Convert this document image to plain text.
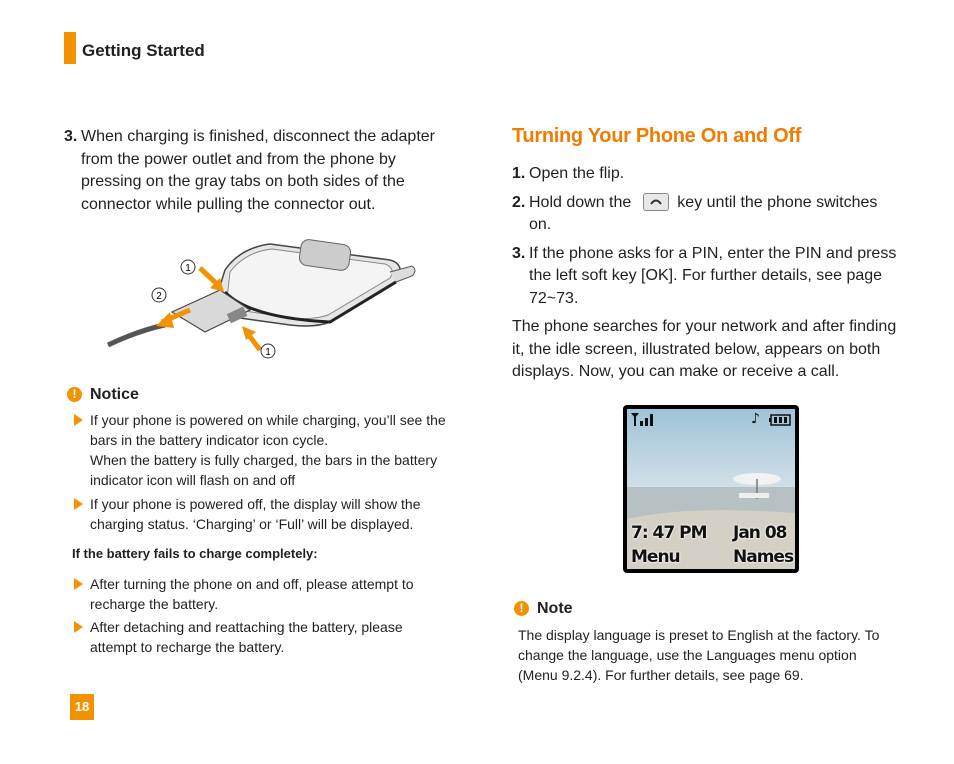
Getting Started
3. When charging is finished, disconnect the adapter
from the power outlet and from the phone by
pressing on the gray tabs on both sides of the
connector while pulling the connector out.
1
2
1
! Notice
If your phone is powered on while charging, you’ll see the
bars in the battery indicator icon cycle.
When the battery is fully charged, the bars in the battery
indicator icon will flash on and off
If your phone is powered off, the display will show the
charging status. ‘Charging’ or ‘Full’ will be displayed.
If the battery fails to charge completely:
After turning the phone on and off, please attempt to
recharge the battery.
After detaching and reattaching the battery, please
attempt to recharge the battery.
18
Turning Your Phone On and Off
1. Open the flip.
2. Hold down the	key until the phone switches
on.
3. If the phone asks for a PIN, enter the PIN and press
the left soft key [OK]. For further details, see page
72~73.
The phone searches for your network and after finding
it, the idle screen, illustrated below, appears on both
displays. Now, you can make or receive a call.
♪
7: 47 PM Jan 08
Menu	Names
! Note
The display language is preset to English at the factory. To
change the language, use the Languages menu option
(Menu 9.2.4). For further details, see page 69.
